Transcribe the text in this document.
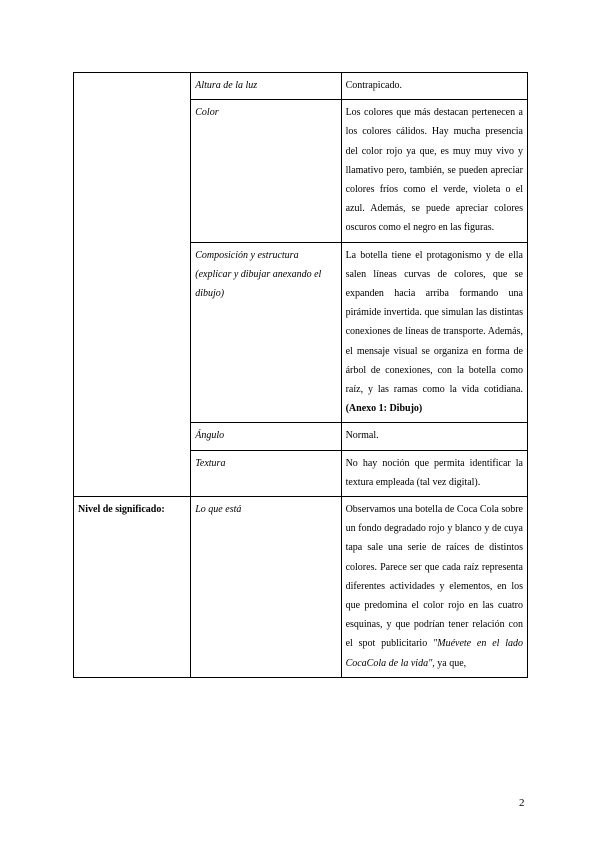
	Altura de la luz	Contrapicado.
	Color	Los colores que más destacan pertenecen a los colores cálidos. Hay mucha presencia del color rojo ya que, es muy muy vivo y llamativo pero, también, se pueden apreciar colores fríos como el verde, violeta o el azul. Además, se puede apreciar colores oscuros como el negro en las figuras.
	Composición y estructura (explicar y dibujar anexando el dibujo)	La botella tiene el protagonismo y de ella salen líneas curvas de colores, que se expanden hacia arriba formando una pirámide invertida. que simulan las distintas conexiones de líneas de transporte. Además, el mensaje visual se organiza en forma de árbol de conexiones, con la botella como raíz, y las ramas como la vida cotidiana. (Anexo 1: Dibujo)
	Ángulo	Normal.
	Textura	No hay noción que permita identificar la textura empleada (tal vez digital).
Nivel de significado:	Lo que está	Observamos una botella de Coca Cola sobre un fondo degradado rojo y blanco y de cuya tapa sale una serie de raíces de distintos colores. Parece ser que cada raíz representa diferentes actividades y elementos, en los que predomina el color rojo en las cuatro esquinas, y que podrían tener relación con el spot publicitario "Muévete en el lado CocaCola de la vida", ya que,
2
